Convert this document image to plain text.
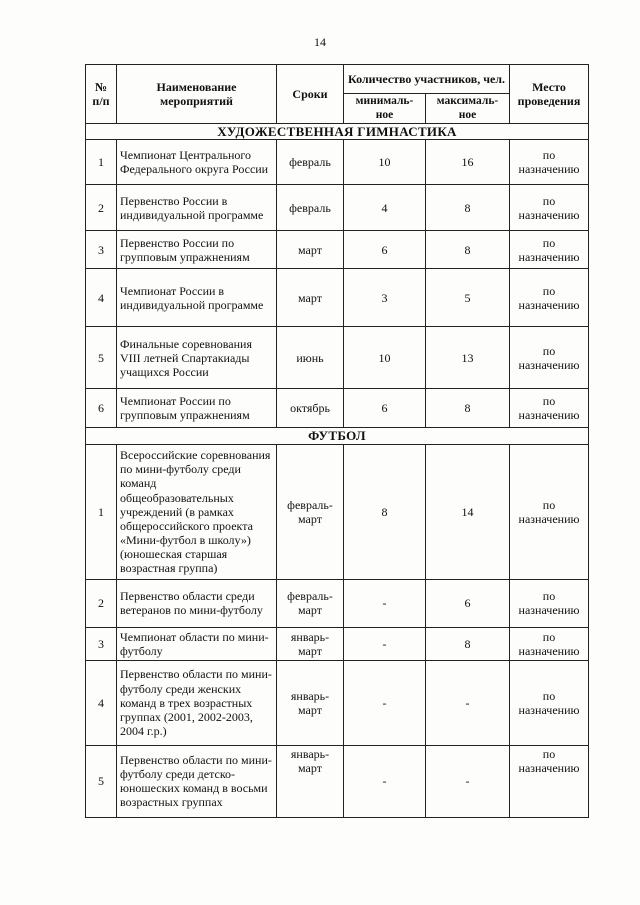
14
№ п/п	Наименование мероприятий	Сроки	Количество участников, чел.		Место проведения
			минималь-ное	максималь-ное	
ХУДОЖЕСТВЕННАЯ ГИМНАСТИКА					
1	Чемпионат Центрального Федерального округа России	февраль	10	16	по назначению
2	Первенство России в индивидуальной программе	февраль	4	8	по назначению
3	Первенство России по групповым упражнениям	март	6	8	по назначению
4	Чемпионат России в индивидуальной программе	март	3	5	по назначению
5	Финальные соревнования VIII летней Спартакиады учащихся России	июнь	10	13	по назначению
6	Чемпионат России по групповым упражнениям	октябрь	6	8	по назначению
ФУТБОЛ					
1	Всероссийские соревнования по мини-футболу среди команд общеобразовательных учреждений (в рамках общероссийского проекта «Мини-футбол в школу») (юношеская старшая возрастная группа)	февраль-март	8	14	по назначению
2	Первенство области среди ветеранов по мини-футболу	февраль-март	-	6	по назначению
3	Чемпионат области по мини-футболу	январь-март	-	8	по назначению
4	Первенство области по мини-футболу среди женских команд в трех возрастных группах (2001, 2002-2003, 2004 г.р.)	январь-март	-	-	по назначению
5	Первенство области по мини-футболу среди детско-юношеских команд в восьми возрастных группах	январь-март	-	-	по назначению
